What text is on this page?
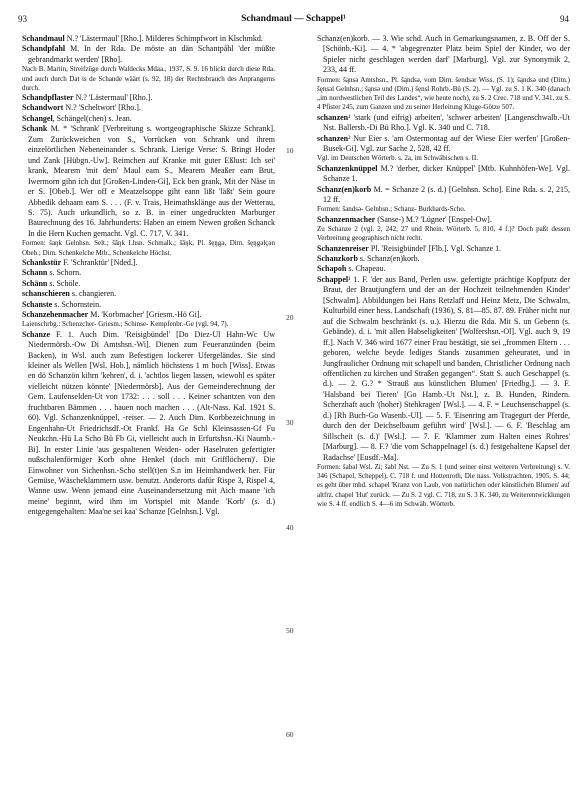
93	Schandmaul — Schappel¹	94

Schandmaul N.? 'Lästermaul' [Rho.]. Milderes Schimpfwort in Klschmkd.

Schandpfahl M. In der Rda. De möste an dän Schantpåhl 'der müßte gebrandmarkt werden' [Rho].

Nach B. Martin, Streifzüge durch Waldecks Mdaa., 1937, S. 9. 16 blickt durch diese Rda. und auch durch Dat is de Schande wäärt (s. 92, 18) der Rechtsbrauch des Anprangerns durch.

Schandpflaster N.? 'Lästermaul' [Rho.].

Schandwort N.? 'Scheltwort' [Rho.].

Schangel, Schängel(chen) s. Jean.

Schank M. * 'Schrank' [Verbreitung s. wortgeographische Skizze Schrank]. Zum Zurückweichen von S., Vorrücken von Schrank und ihrem einzelörtlichen Nebeneinander s. Schrank. Lierige Verse: S. Bringt Hoder und Zank [Hübgn.-Uw]. Reimchen auf Kranke mit guter Eßlust: Ich sei' krank, Mearem 'mit dem' Maul eam S., Mearem Meaßer eam Brut, Iwermorn gihn ich dut [Großen-Linden-Gi], Eck ben grank, Mit der Näse in er S. [Obeb.]. Wer off e Meatzelsoppe giht eann lißt 'läßt' Sein goure Abbedik dehaam eam S. . . . (F. v. Trais, Heimathsklänge aus der Wetterau, S. 75). Auch urkundlich, so z. B. in einer ungedruckten Marburger Baurechnung des 16. Jahrhunderts: Haben an einem Newen großen Schanck In die Hern Kuchen gemacht. Vgl. C. 717, V. 341.

Formen: šaŋk Gelnhsn. Selt.; šāŋk Lhsn. Schmalk.; šāŋk, Pl. šęŋgə, Dim. šęŋgəlçən Obeb.; Dim. Schenkelche Mtb., Schenkelche Höchst.

Schankstür F. 'Schranktür' [Nded.].

Schann s. Schorn.

Schänn s. Schöle.

schanschieren s. changieren.

Schanste s. Schornstein.

Schanzehenmacher M. 'Korbmacher' [Griesm.-Hö Gi].

Laienschrbg.: Schenzcher- Griesm.; Schinse- Kempfenbr.-Ge (vgl. 94, 7).

Schanze F. 1. Auch Dim. 'Reisigbündel' [Do Diez-Ul Hahn-Wc Uw Niedermörsb.-Ow Di Amtshsn.-Wi]. Dienen zum Feueranzünden (beim Backen), in Wsl. auch zum Befestigen lockerer Ufergeländes. Sie sind kleiner als Wellen [Wsl. Hob.], nämlich höchstens 1 m hoch [Wiss]. Etwas en dö Schanzön kihrn 'kehren', d. i. 'achtlos liegen lassen, wiewohl es später vielleicht nützen könnte' [Niedermörsb]. Aus der Gemeinderechnung der Gem. Laufenselden-Ut von 1732: . . . soll . . . Keiner schantzen von den fruchtbaren Bämmen . . . hauen noch machen . . . (Alt-Nass. Kal. 1921 S. 60). Vgl. Schanzenknüppel, -reiser. — 2. Auch Dim. Korbbezeichnung in Engenhahn-Ut Friedrichsdf.-Ot Frankf. Ha Ge Schl Kleinsassen-Gf Fu Neukchn.-Hü La Scho Bü Fb Gi, vielleicht auch in Erfurtshsn.-Ki Naumb.-Bi]. In erster Linie 'aus gespaltenen Weiden- oder Haselruten gefertigter nußschalenförmiger Korb ohne Henkel (doch mit Grifflöchern)'. Die Einwohner von Sichenhsn.-Scho stell(t)en S.n im Heimhandwerk her. Für Gemüse, Wäscheklammern usw. benutzt. Anderorts dafür Rispe 3, Rispel 4, Wanne usw. Wenn jemand eine Auseinandersetzung mit Aich maane 'ich meine' beginnt, wird ihm im Vortspiel mit Mande 'Korb' (s. d.) entgegengehalten: Maa'ne sei kaa' Schanze [Gelnhsn.]. Vgl.

Schanz(en)korb. — 3. Wie schd. Auch in Gemarkungsnamen, z. B. Off der S. [Schönb.-Ki]. — 4. * 'abgegrenzter Platz beim Spiel der Kinder, wo der Spieler nicht geschlagen werden darf' [Marburg]. Vgl. zur Synonymik 2, 233, 44 ff.

Formen: šąnsə Amtshsn., Pl. šąndsə, vom Dim. šendsər Wiss. (S. 1); šąndsə und (Dim.) šęnsəl Gelnhsn.; šąnsə und (Dim.) šęnsl Rohrb.-Bü (S. 2). — Vgl. zu S. 1 K. 340 (danach „im nordwestlichen Teil des Landes“, wie heute noch), zu S. 2 Crec. 718 und V. 341, zu S. 4 Pfister 245, zum Ganzen und zu seiner Herleitung Kluge-Götze 507.

schanzen¹ 'stark (und eifrig) arbeiten', 'schwer arbeiten' [Langenschwalb.-Ut Nst. Ballersb.-Di Bü Rho.]. Vgl. K. 340 und C. 718.

schanzen² Nur Eier s. 'am Ostermontag auf der Wiese Eier werfen' [Großen-Busek-Gi]. Vgl. zur Sache 2, 528, 42 ff.

Vgl. im Deutschen Wörterb. s. 2a, im Schwäbischen s. II.

Schanzenknüppel M.? 'derber, dicker Knüppel' [Mtb. Kuhnhöfen-We]. Vgl. Schanze 1.

Schanz(en)korb M. = Schanze 2 (s. d.) [Gelnhsn. Scho]. Eine Rda. s. 2, 215, 12 ff.

Formen: šandsə- Gelnhsn.; Schanz- Burkhards-Scho.

Schanzenmacher (Sanse-) M.? 'Lügner' [Enspel-Ow].

Zu Schanze 2 (vgl. 2, 242, 27 und Rhein. Wörterb. 5, 810, 4 f.)? Doch paßt dessen Verbreitung geographisch nicht recht.

Schanzenreiser Pl. 'Reisigbündel' [Flb.]. Vgl. Schanze 1.

Schanzkorb s. Schanz(en)korb.

Schapoh s. Chapeau.

Schappel¹ 1. F. 'der aus Band, Perlen usw. gefertigte prächtige Kopfputz der Braut, der Brautjungfern und der an der Hochzeit teilnehmenden Kinder' [Schwalm]. Abbildungen bei Hans Retzlaff und Heinz Metz, Die Schwalm, Kulturbild einer hess. Landschaft (1936), S. 81—85. 87. 89. Früher nicht nur auf die Schwalm beschränkt (s. u.). Hierzu die Rda. Mit S. un Gebenn (s. Gebände). d. i. 'mit allen Habseligkeiten' [Wolfershsn.-Ol]. Vgl. auch 9, 19 ff.]. Nach V. 346 wird 1677 einer Frau bestätigt, sie sei „frommen Eltern . . . geboren, welche beyde lediges Stands zusammen geheuratet, und in Jungfraulicher Ordnung mit schapell und banden, Christlicher Ordnung nach offentlichen zu kirchen und Straßen gegangen“. Statt S. auch Geschappel (s. d.). — 2. G.? * 'Strauß aus künstlichen Blumen' [Friedbg.]. — 3. F. 'Halsband bei Tieren' [Go Hamb.-Ut Nst.], z. B. Hunden, Rindern. Scherzhaft auch '(hoher) Stehkragen' [Wsl.]. — 4. F. = Leuchsenschappel (s. d.) [Rh Buch-Go Wasenb.-Ul]. — 5. F. 'Eisenring am Tragegurt der Pferde, durch den der Deichselbaum geführt wird' [Wsl.]. — 6. F. 'Beschlag am Sillscheit (s. d.)' [Wsl.]. — 7. F. 'Klammer zum Halten eines Rohres' [Marburg]. — 8. F.? 'die vom Schappelnagel (s. d.) festgehaltene Kapsel der Radachse' [Eusdf.-Ma].

Formen: šabəl Wsl. Zi; šabl Nst. — Zu S. 1 (und seiner einst weiteren Verbreitung) s. V. 346 (Schapel, Scheppel), C. 718 f. und Hottenroth, Die nass. Volkstrachten, 1905, S. 44; es geht über mhd. schapel 'Kranz von Laub, von natürlichen oder künstlichen Blumen' auf altfrz. chapel 'Hut' zurück. — Zu S. 2 vgl. C. 718, zu S. 3 K. 340, zu Weiterentwicklungen wie S. 4 ff. endlich S. 4—6 im Schwäb. Wörterb.

10
20
30
40
50
60
